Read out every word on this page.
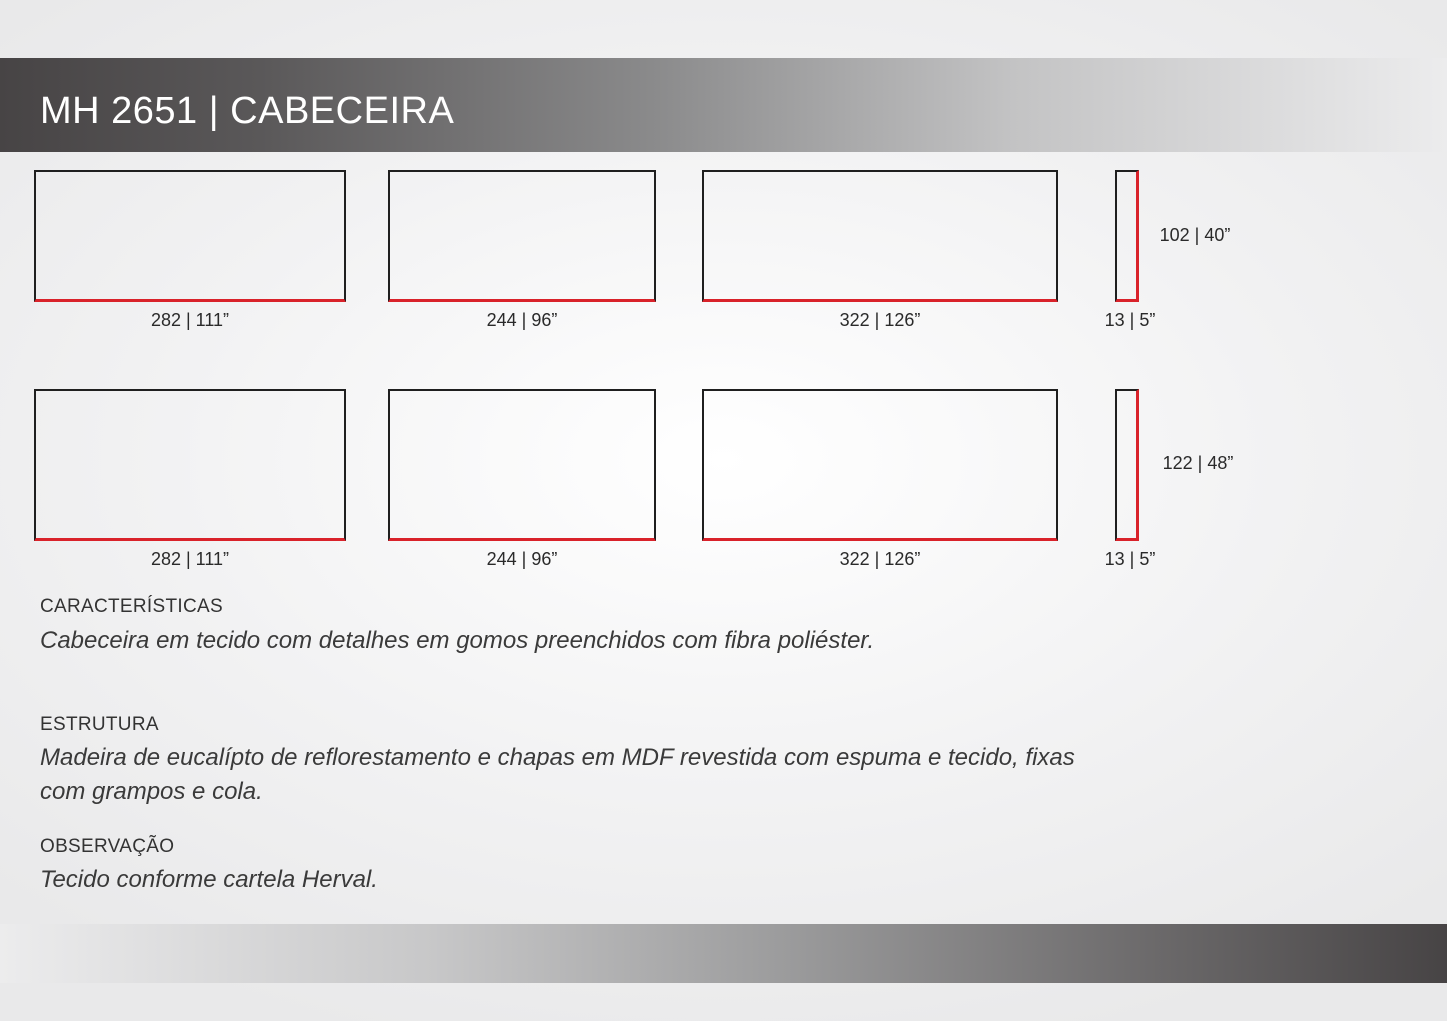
MH 2651 | CABECEIRA
282 | 111”	244 | 96”	322 | 126”	13 | 5”
102 | 40”
282 | 111”	244 | 96”	322 | 126”	13 | 5”
122 | 48”
CARACTERÍSTICAS
Cabeceira em tecido com detalhes em gomos preenchidos com fibra poliéster.
ESTRUTURA
Madeira de eucalípto de reflorestamento e chapas em MDF revestida com espuma e tecido, fixas com grampos e cola.
OBSERVAÇÃO
Tecido conforme cartela Herval.
